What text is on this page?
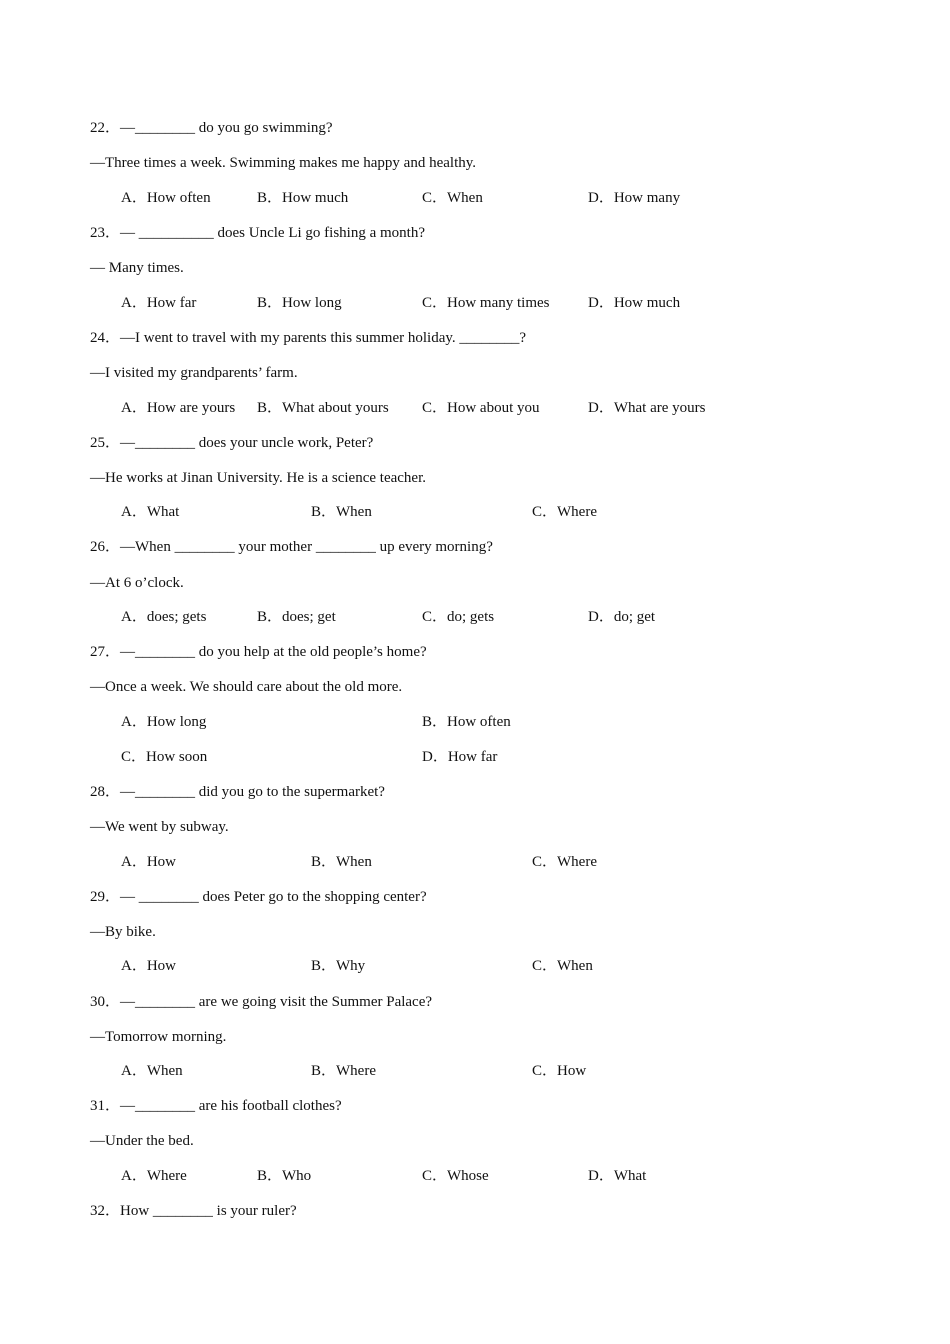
22．—________ do you go swimming?
—Three times a week. Swimming makes me happy and healthy.
A．How often	B．How much	C．When	D．How many
23．— __________ does Uncle Li go fishing a month?
— Many times.
A．How far	B．How long	C．How many times	D．How much
24．—I went to travel with my parents this summer holiday. ________?
—I visited my grandparents’ farm.
A．How are yours B．What about yours C．How about you	D．What are yours
25．—________ does your uncle work, Peter?
—He works at Jinan University. He is a science teacher.
A．What	B．When	C．Where
26．—When ________ your mother ________ up every morning?
—At 6 o’clock.
A．does; gets	B．does; get	C．do; gets	D．do; get
27．—________ do you help at the old people’s home?
—Once a week. We should care about the old more.
A．How long	B．How often
C．How soon	D．How far
28．—________ did you go to the supermarket?
—We went by subway.
A．How	B．When	C．Where
29．— ________ does Peter go to the shopping center?
—By bike.
A．How	B．Why	C．When
30．—________ are we going visit the Summer Palace?
—Tomorrow morning.
A．When	B．Where	C．How
31．—________ are his football clothes?
—Under the bed.
A．Where	B．Who	C．Whose	D．What
32．How ________ is your ruler?
